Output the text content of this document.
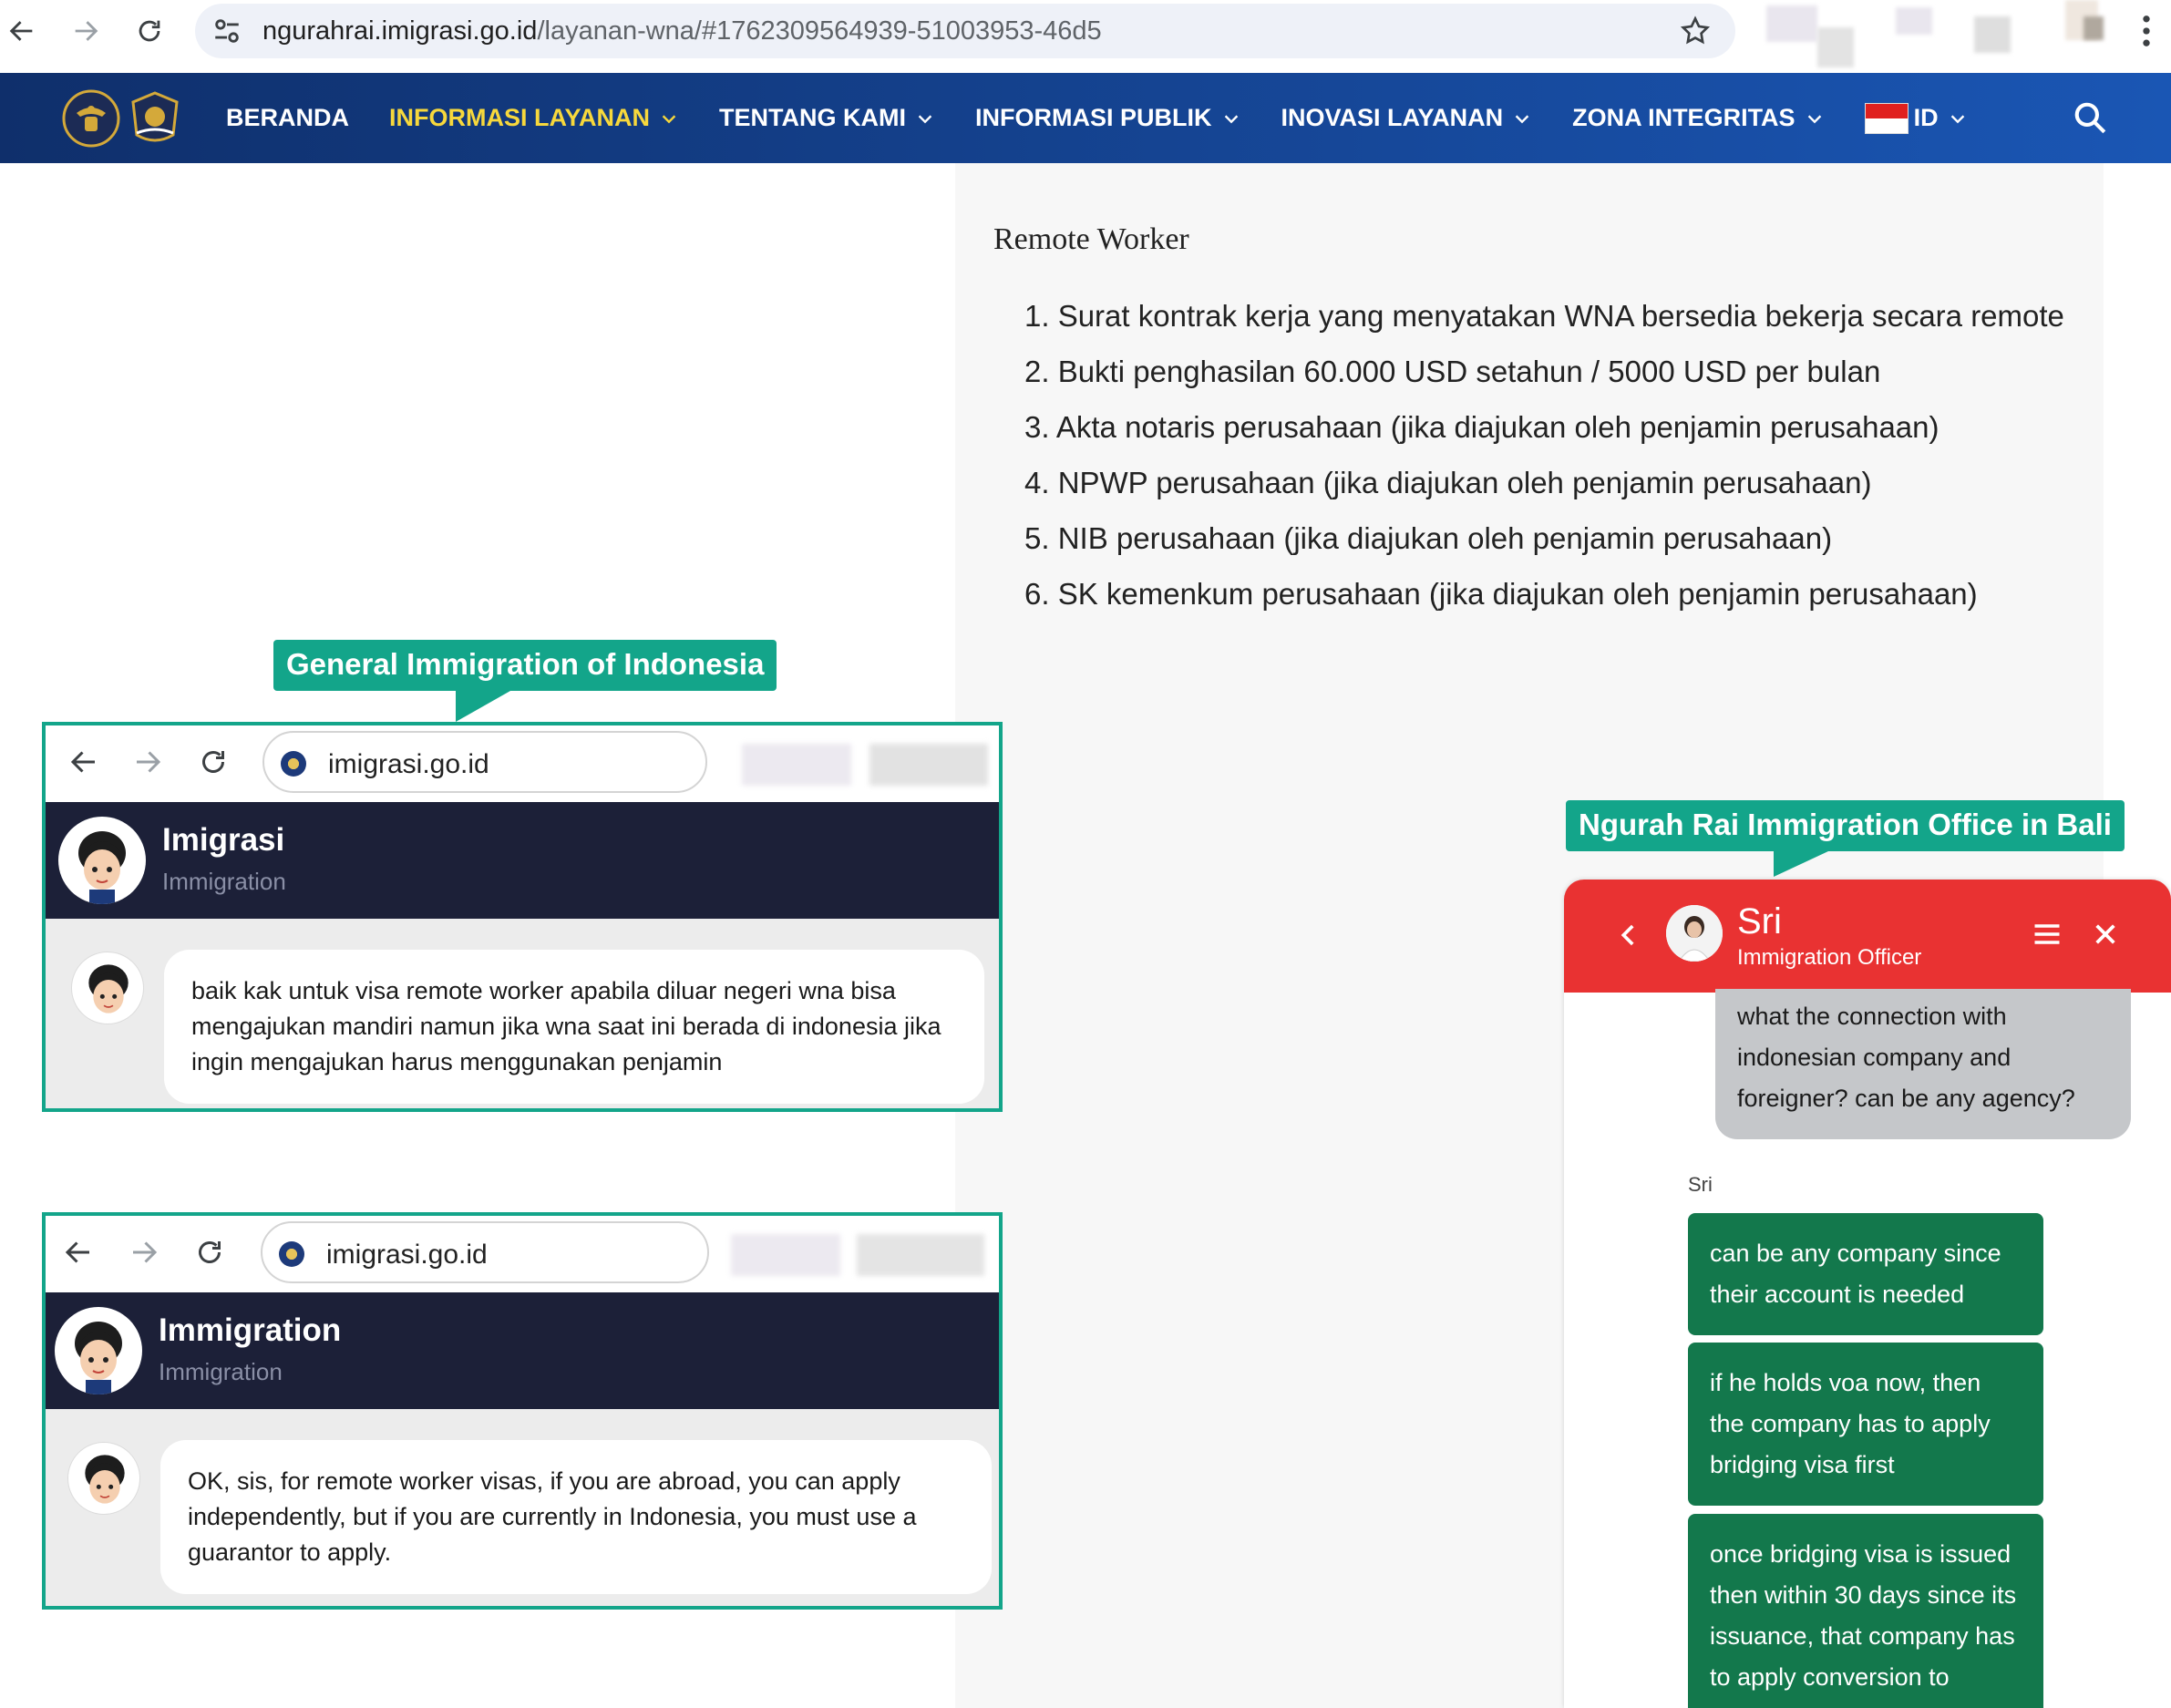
ngurahrai.imigrasi.go.id/layanan-wna/#1762309564939-51003953-46d5
BERANDA INFORMASI LAYANAN	TENTANG KAMI	INFORMASI PUBLIK	INOVASI LAYANAN	ZONA INTEGRITAS	ID
Remote Worker
1. Surat kontrak kerja yang menyatakan WNA bersedia bekerja secara remote
2. Bukti penghasilan 60.000 USD setahun / 5000 USD per bulan
3. Akta notaris perusahaan (jika diajukan oleh penjamin perusahaan)
4. NPWP perusahaan (jika diajukan oleh penjamin perusahaan)
5. NIB perusahaan (jika diajukan oleh penjamin perusahaan)
6. SK kemenkum perusahaan (jika diajukan oleh penjamin perusahaan)
General Immigration of Indonesia
Ngurah Rai Immigration Office in Bali
imigrasi.go.id
Imigrasi
Immigration
baik kak untuk visa remote worker apabila diluar negeri wna bisa mengajukan mandiri namun jika wna saat ini berada di indonesia jika ingin mengajukan harus menggunakan penjamin
imigrasi.go.id
Immigration
Immigration
OK, sis, for remote worker visas, if you are abroad, you can apply independently, but if you are currently in Indonesia, you must use a guarantor to apply.
Sri
Immigration Officer
what the connection with indonesian company and foreigner? can be any agency?
Sri
can be any company since their account is needed
if he holds voa now, then the company has to apply bridging visa first
once bridging visa is issued then within 30 days since its issuance, that company has to apply conversion to
